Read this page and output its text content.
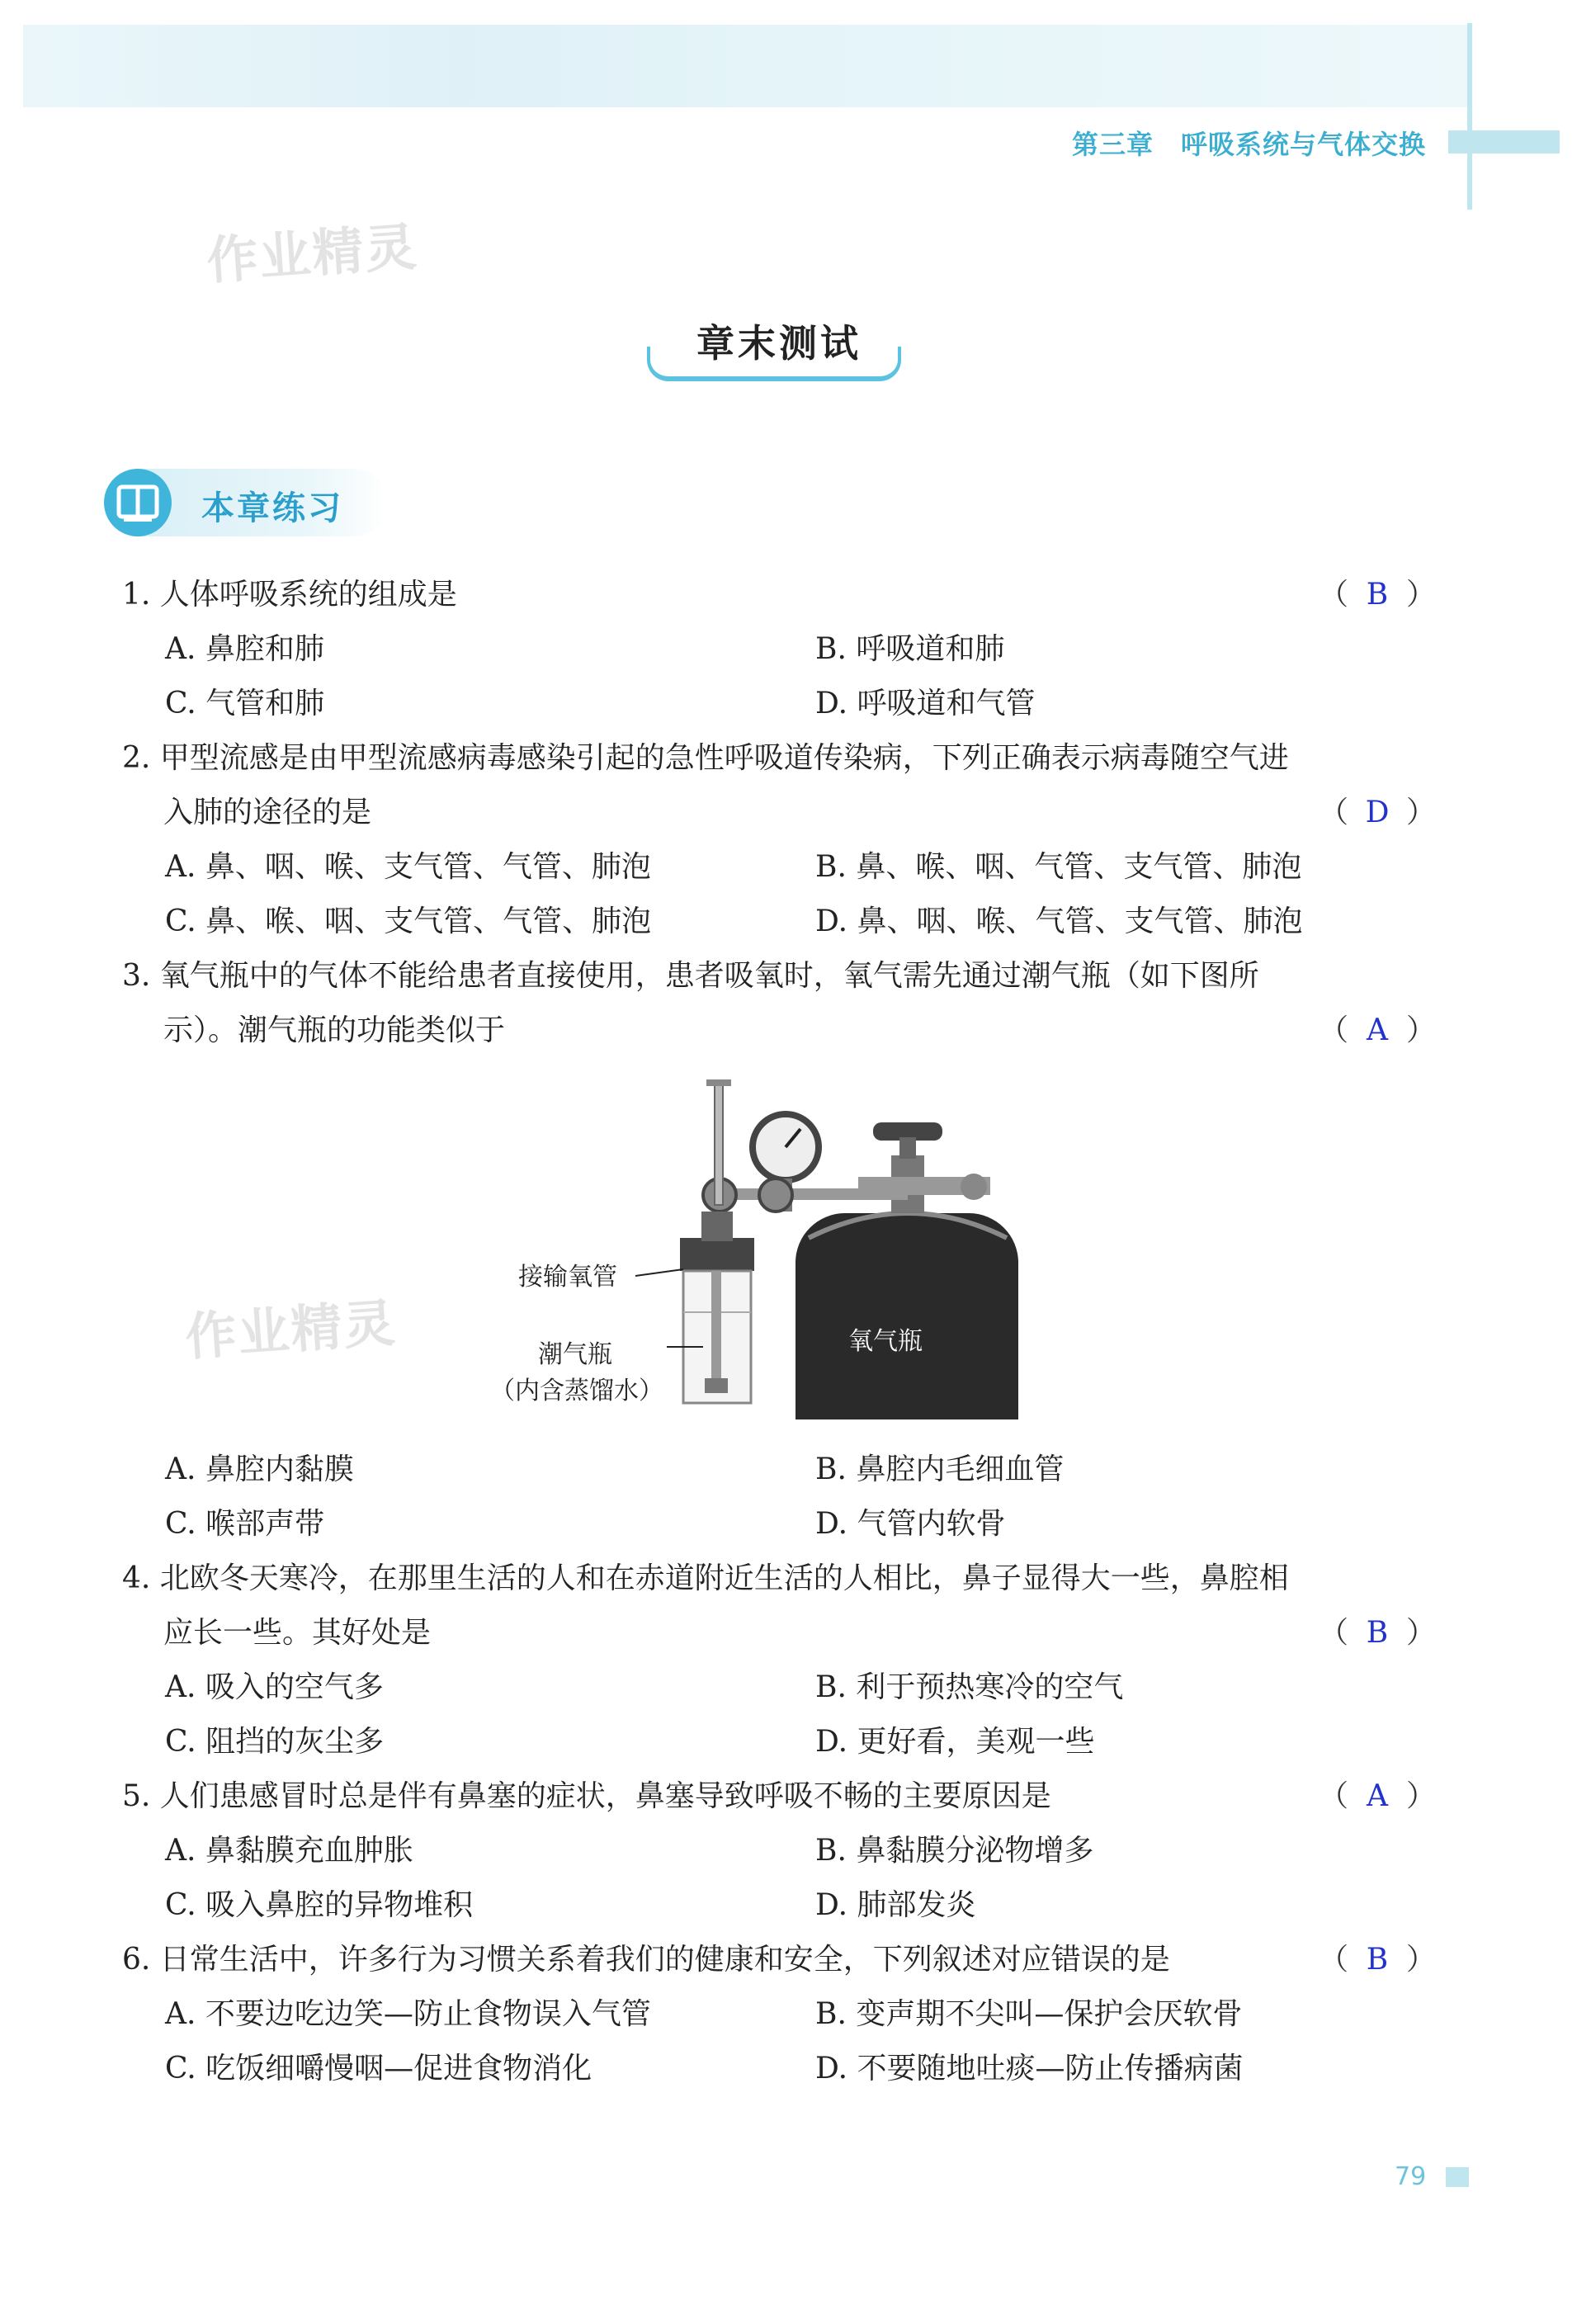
第三章　呼吸系统与气体交换
作业精灵
作业精灵
章末测试
本章练习
1. 人体呼吸系统的组成是	（ B ）
A. 鼻腔和肺	B. 呼吸道和肺
C. 气管和肺	D. 呼吸道和气管
2. 甲型流感是由甲型流感病毒感染引起的急性呼吸道传染病，下列正确表示病毒随空气进
入肺的途径的是	（ D ）
A. 鼻、咽、喉、支气管、气管、肺泡	B. 鼻、喉、咽、气管、支气管、肺泡
C. 鼻、喉、咽、支气管、气管、肺泡	D. 鼻、咽、喉、气管、支气管、肺泡
3. 氧气瓶中的气体不能给患者直接使用，患者吸氧时，氧气需先通过潮气瓶（如下图所
示）。潮气瓶的功能类似于	（ A ）
接输氧管
潮气瓶
（内含蒸馏水）
氧气瓶
A. 鼻腔内黏膜	B. 鼻腔内毛细血管
C. 喉部声带	D. 气管内软骨
4. 北欧冬天寒冷，在那里生活的人和在赤道附近生活的人相比，鼻子显得大一些，鼻腔相
应长一些。其好处是	（ B ）
A. 吸入的空气多	B. 利于预热寒冷的空气
C. 阻挡的灰尘多	D. 更好看，美观一些
5. 人们患感冒时总是伴有鼻塞的症状，鼻塞导致呼吸不畅的主要原因是	（ A ）
A. 鼻黏膜充血肿胀	B. 鼻黏膜分泌物增多
C. 吸入鼻腔的异物堆积	D. 肺部发炎
6. 日常生活中，许多行为习惯关系着我们的健康和安全，下列叙述对应错误的是	（ B ）
A. 不要边吃边笑—防止食物误入气管	B. 变声期不尖叫—保护会厌软骨
C. 吃饭细嚼慢咽—促进食物消化	D. 不要随地吐痰—防止传播病菌
79
